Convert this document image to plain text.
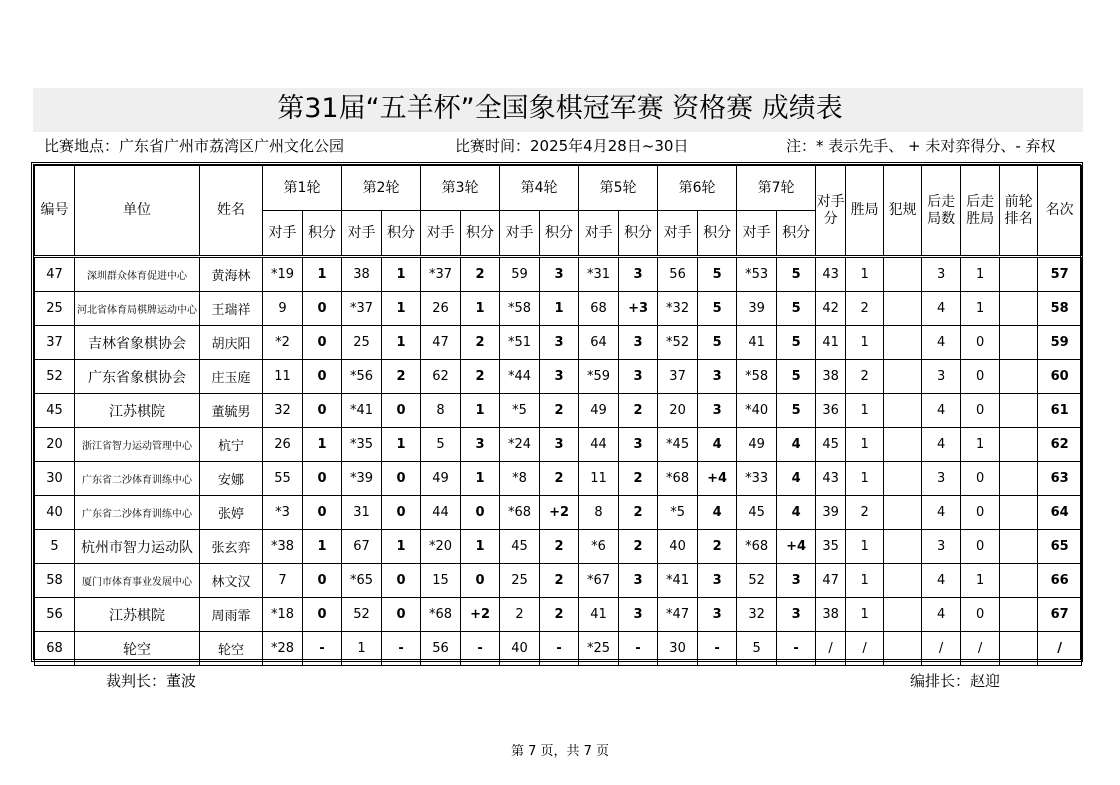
第31届“五羊杯”全国象棋冠军赛 资格赛 成绩表
比赛地点：广东省广州市荔湾区广州文化公园	比赛时间：2025年4月28日~30日	注：* 表示先手、 + 未对弈得分、- 弃权
编号	单位	姓名	第1轮		第2轮		第3轮		第4轮		第5轮		第6轮		第7轮		对手分	胜局	犯规	后走局数	后走胜局	前轮排名	名次
			对手	积分	对手	积分	对手	积分	对手	积分	对手	积分	对手	积分	对手	积分							
47	深圳群众体育促进中心	黄海林	*19	1	38	1	*37	2	59	3	*31	3	56	5	*53	5	43	1		3	1		57
25	河北省体育局棋牌运动中心	王瑞祥	9	0	*37	1	26	1	*58	1	68	+3	*32	5	39	5	42	2		4	1		58
37	吉林省象棋协会	胡庆阳	*2	0	25	1	47	2	*51	3	64	3	*52	5	41	5	41	1		4	0		59
52	广东省象棋协会	庄玉庭	11	0	*56	2	62	2	*44	3	*59	3	37	3	*58	5	38	2		3	0		60
45	江苏棋院	董毓男	32	0	*41	0	8	1	*5	2	49	2	20	3	*40	5	36	1		4	0		61
20	浙江省智力运动管理中心	杭宁	26	1	*35	1	5	3	*24	3	44	3	*45	4	49	4	45	1		4	1		62
30	广东省二沙体育训练中心	安娜	55	0	*39	0	49	1	*8	2	11	2	*68	+4	*33	4	43	1		3	0		63
40	广东省二沙体育训练中心	张婷	*3	0	31	0	44	0	*68	+2	8	2	*5	4	45	4	39	2		4	0		64
5	杭州市智力运动队	张玄弈	*38	1	67	1	*20	1	45	2	*6	2	40	2	*68	+4	35	1		3	0		65
58	厦门市体育事业发展中心	林文汉	7	0	*65	0	15	0	25	2	*67	3	*41	3	52	3	47	1		4	1		66
56	江苏棋院	周雨霏	*18	0	52	0	*68	+2	2	2	41	3	*47	3	32	3	38	1		4	0		67
68	轮空	轮空	*28	-	1	-	56	-	40	-	*25	-	30	-	5	-	/	/		/	/		/
裁判长：董波	编排长：赵迎
第 7 页，共 7 页
